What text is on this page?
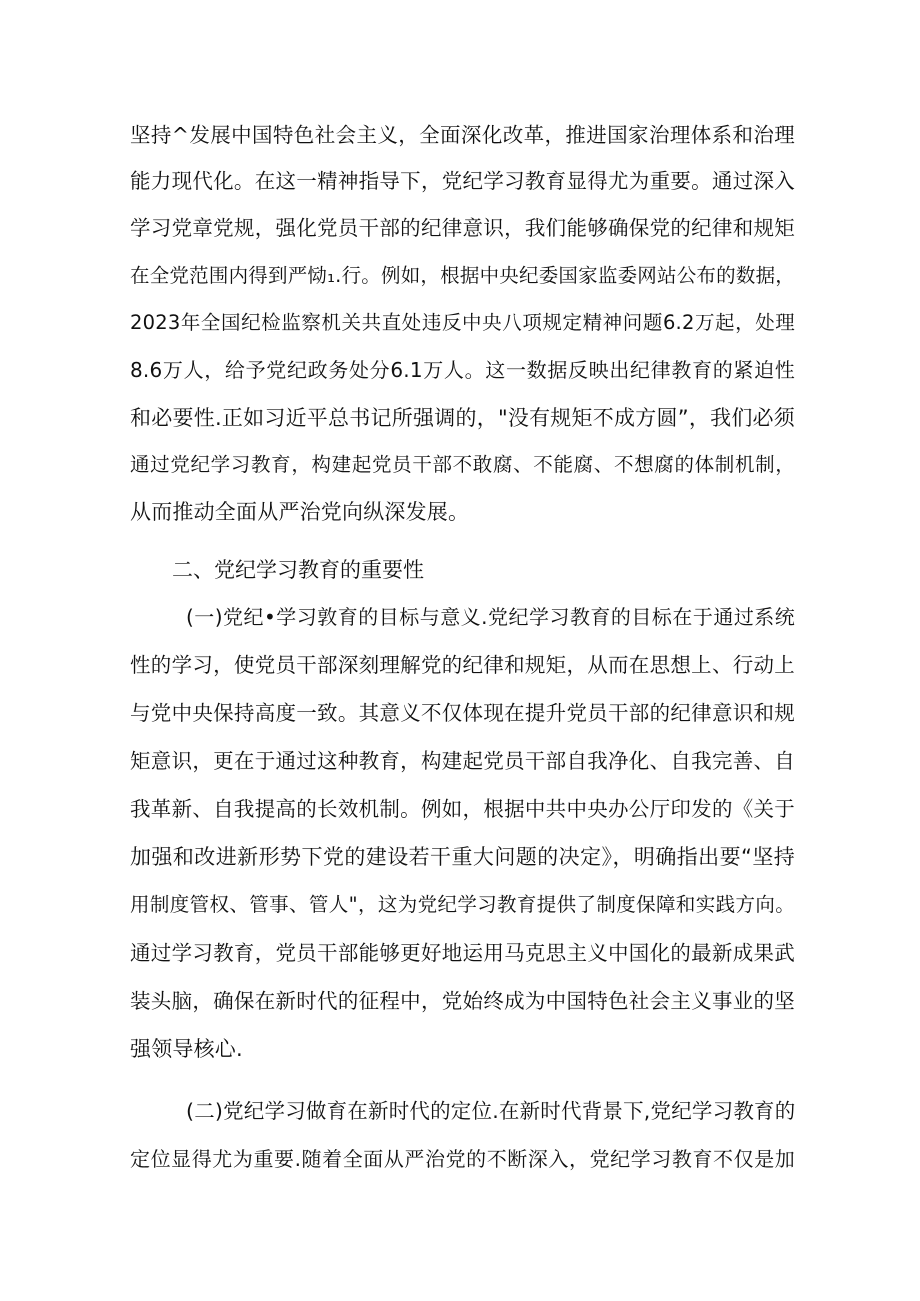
坚持^发展中国特色社会主义，全面深化改革，推进国家治理体系和治理
能力现代化。在这一精神指导下，党纪学习教育显得尤为重要。通过深入
学习党章党规，强化党员干部的纪律意识，我们能够确保党的纪律和规矩
在全党范围内得到严恸₁.行。例如，根据中央纪委国家监委网站公布的数据，
2023年全国纪检监察机关共直处违反中央八项规定精神问题6.2万起，处理
8.6万人，给予党纪政务处分6.1万人。这一数据反映出纪律教育的紧迫性
和必要性.正如习近平总书记所强调的，"没有规矩不成方圆”，我们必须
通过党纪学习教育，构建起党员干部不敢腐、不能腐、不想腐的体制机制，
从而推动全面从严治党向纵深发展。
二、党纪学习教育的重要性
(一)党纪•学习敦育的目标与意义.党纪学习教育的目标在于通过系统
性的学习，使党员干部深刻理解党的纪律和规矩，从而在思想上、行动上
与党中央保持高度一致。其意义不仅体现在提升党员干部的纪律意识和规
矩意识，更在于通过这种教育，构建起党员干部自我净化、自我完善、自
我革新、自我提高的长效机制。例如，根据中共中央办公厅印发的《关于
加强和改进新形势下党的建设若干重大问题的决定》，明确指出要“坚持
用制度管权、管事、管人"，这为党纪学习教育提供了制度保障和实践方向。
通过学习教育，党员干部能够更好地运用马克思主义中国化的最新成果武
装头脑，确保在新时代的征程中，党始终成为中国特色社会主义事业的坚
强领导核心.
(二)党纪学习做育在新时代的定位.在新时代背景下,党纪学习教育的
定位显得尤为重要.随着全面从严治党的不断深入，党纪学习教育不仅是加
